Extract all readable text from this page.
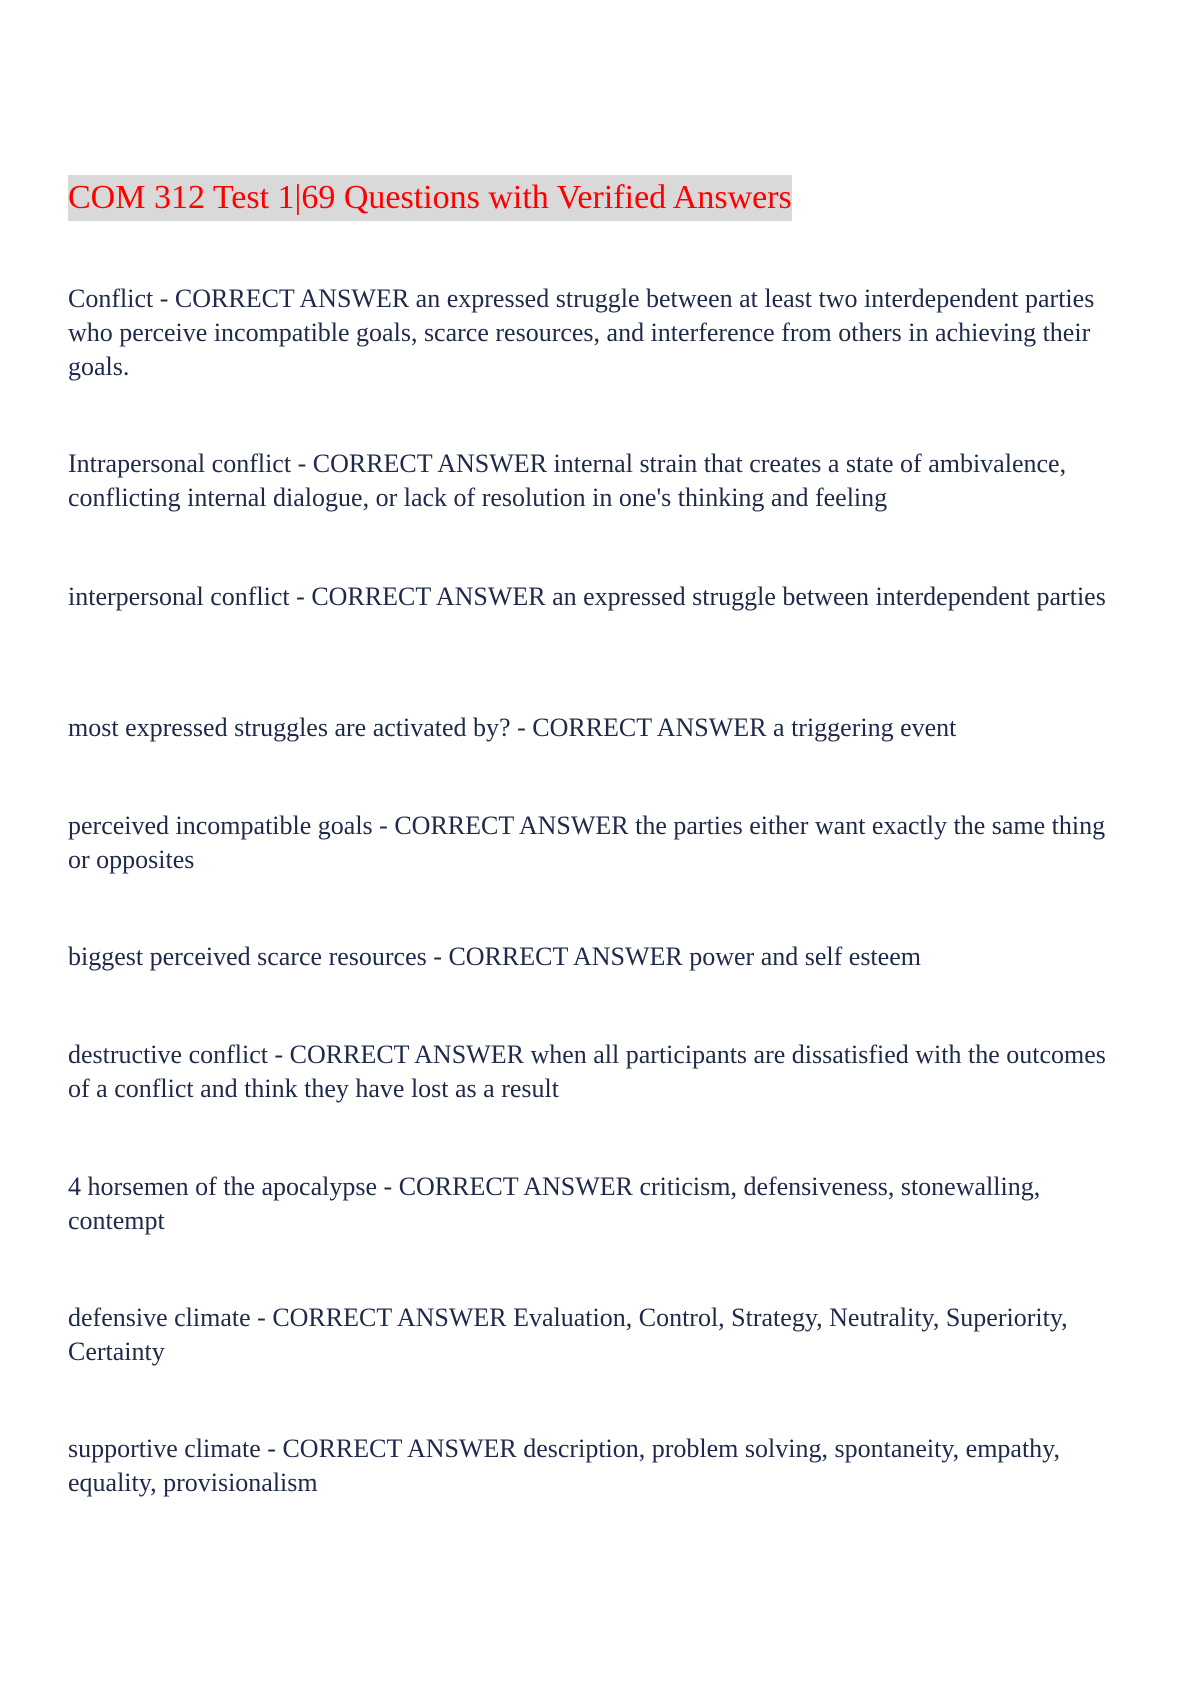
COM 312 Test 1|69 Questions with Verified Answers

Conflict - CORRECT ANSWER an expressed struggle between at least two interdependent parties who perceive incompatible goals, scarce resources, and interference from others in achieving their goals.

Intrapersonal conflict - CORRECT ANSWER internal strain that creates a state of ambivalence, conflicting internal dialogue, or lack of resolution in one's thinking and feeling

interpersonal conflict - CORRECT ANSWER an expressed struggle between interdependent parties

most expressed struggles are activated by? - CORRECT ANSWER a triggering event

perceived incompatible goals - CORRECT ANSWER the parties either want exactly the same thing or opposites

biggest perceived scarce resources - CORRECT ANSWER power and self esteem

destructive conflict - CORRECT ANSWER when all participants are dissatisfied with the outcomes of a conflict and think they have lost as a result

4 horsemen of the apocalypse - CORRECT ANSWER criticism, defensiveness, stonewalling, contempt

defensive climate - CORRECT ANSWER Evaluation, Control, Strategy, Neutrality, Superiority, Certainty

supportive climate - CORRECT ANSWER description, problem solving, spontaneity, empathy, equality, provisionalism
